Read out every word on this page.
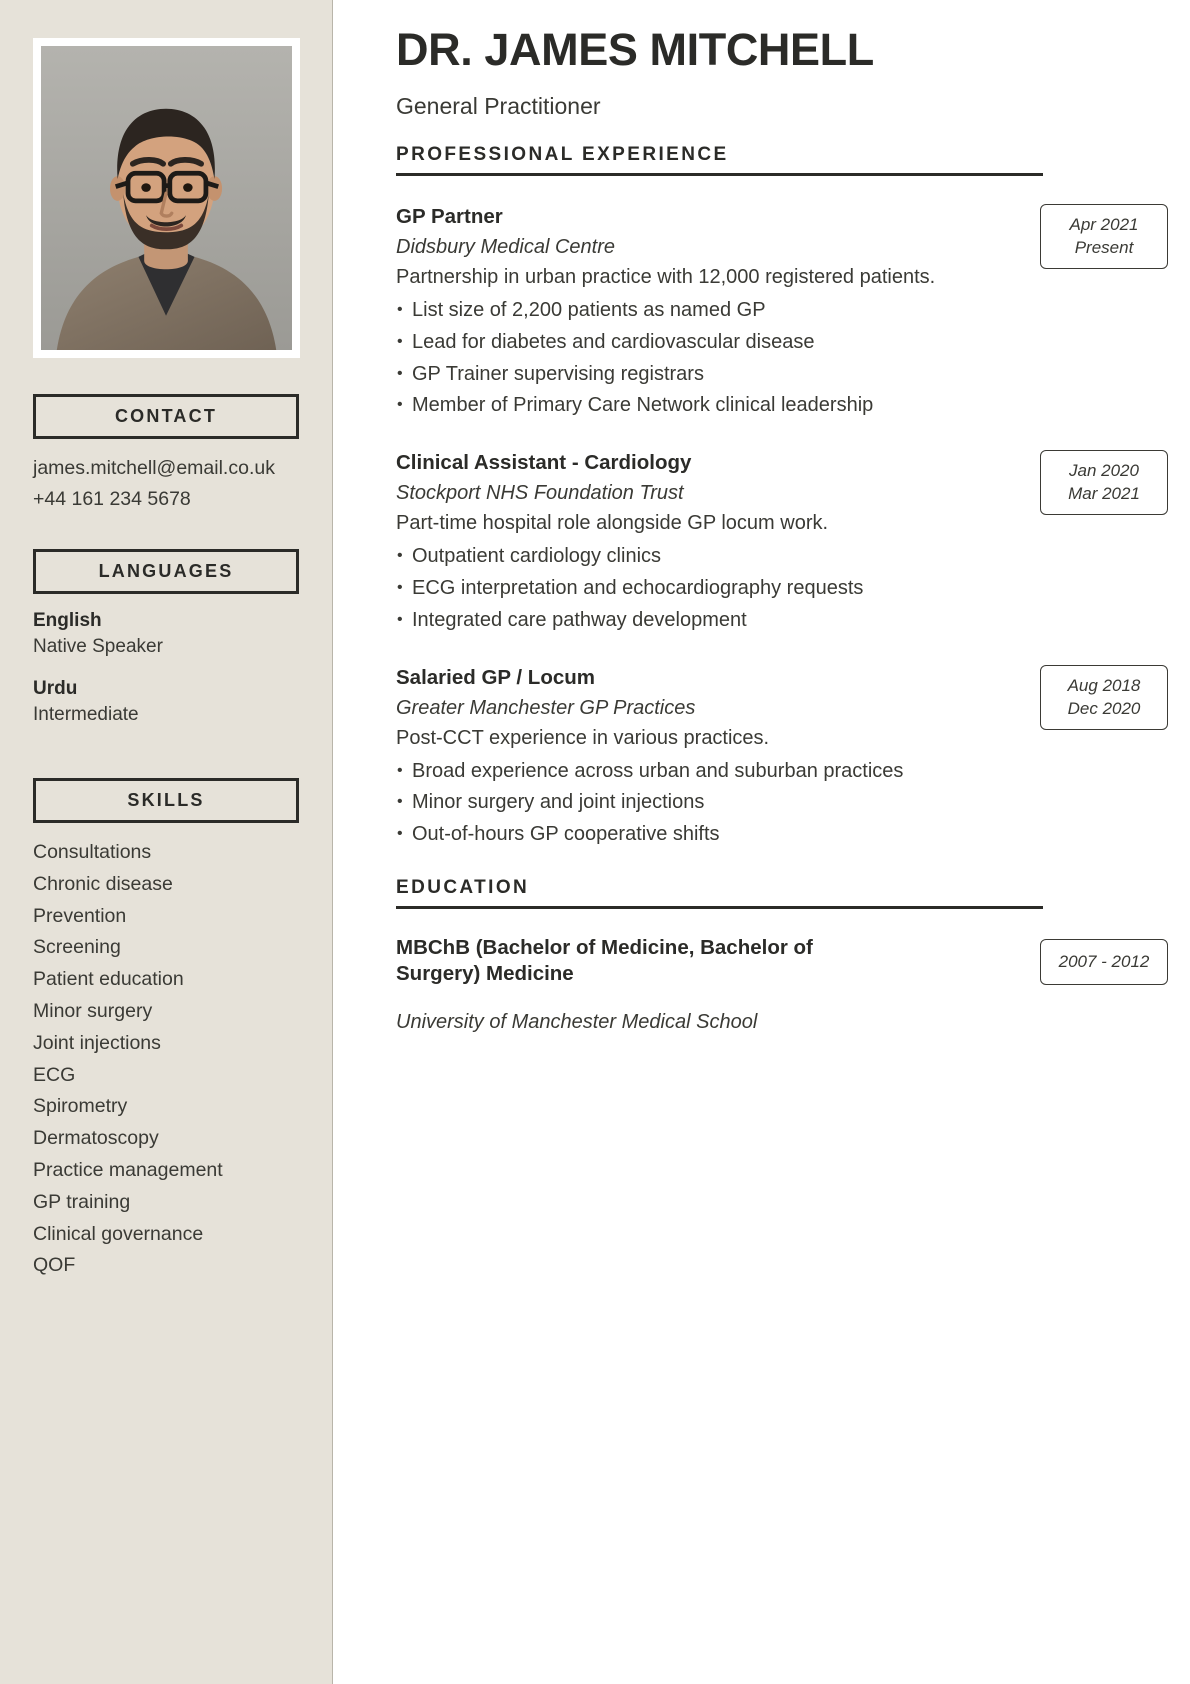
CONTACT
james.mitchell@email.co.uk
+44 161 234 5678
LANGUAGES
English
Native Speaker
Urdu
Intermediate
SKILLS
Consultations
Chronic disease
Prevention
Screening
Patient education
Minor surgery
Joint injections
ECG
Spirometry
Dermatoscopy
Practice management
GP training
Clinical governance
QOF
DR. JAMES MITCHELL
General Practitioner
PROFESSIONAL EXPERIENCE
GP Partner
Didsbury Medical Centre
Partnership in urban practice with 12,000 registered patients.
• List size of 2,200 patients as named GP
• Lead for diabetes and cardiovascular disease
• GP Trainer supervising registrars
• Member of Primary Care Network clinical leadership
Apr 2021
Present
Clinical Assistant - Cardiology
Stockport NHS Foundation Trust
Part-time hospital role alongside GP locum work.
• Outpatient cardiology clinics
• ECG interpretation and echocardiography requests
• Integrated care pathway development
Jan 2020
Mar 2021
Salaried GP / Locum
Greater Manchester GP Practices
Post-CCT experience in various practices.
• Broad experience across urban and suburban practices
• Minor surgery and joint injections
• Out-of-hours GP cooperative shifts
Aug 2018
Dec 2020
EDUCATION
MBChB (Bachelor of Medicine, Bachelor of Surgery) Medicine
University of Manchester Medical School
2007 - 2012
